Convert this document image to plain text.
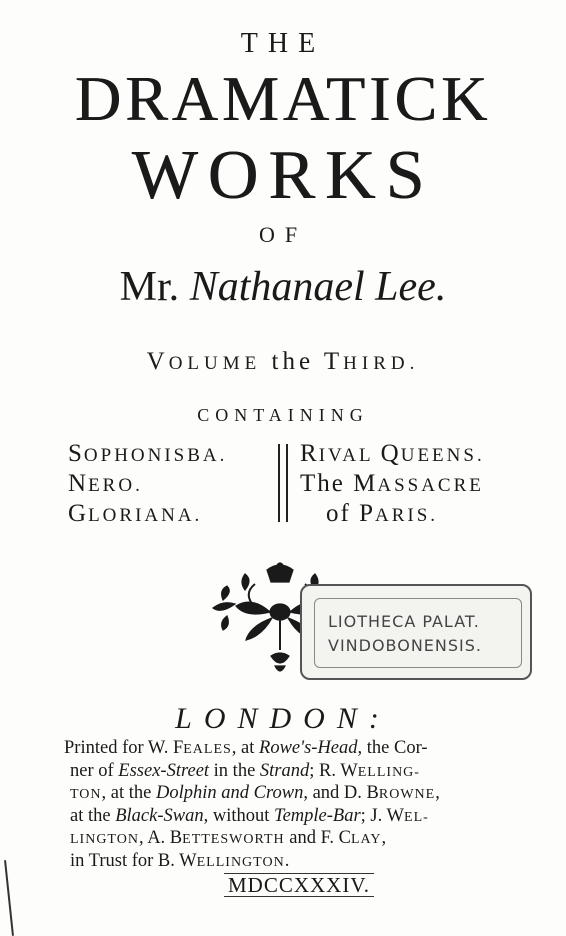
THE
DRAMATICK
WORKS
OF
Mr. Nathanael Lee.
VOLUME the THIRD.
CONTAINING
SOPHONISBA.
NERO.
GLORIANA.
RIVAL QUEENS.
The MASSACRE
of PARIS.
LIOTHECA PALAT.
VINDOBONENSIS.
LONDON:
Printed for W. FEALES, at Rowe's-Head, the Cor-
ner of Essex-Street in the Strand; R. WELLING-
TON, at the Dolphin and Crown, and D. BROWNE,
at the Black-Swan, without Temple-Bar; J. WEL-
LINGTON, A. BETTESWORTH and F. CLAY,
in Trust for B. WELLINGTON.
MDCCXXXIV.
